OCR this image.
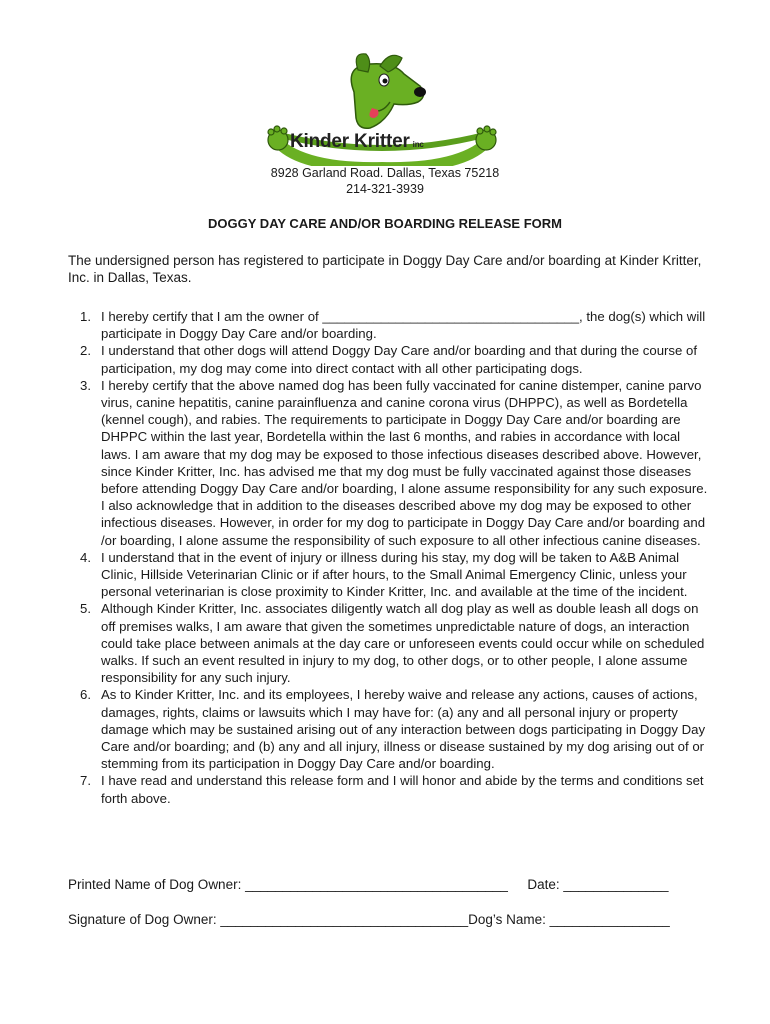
Kinder Kritter inc
8928 Garland Road. Dallas, Texas 75218
214-321-3939
DOGGY DAY CARE AND/OR BOARDING RELEASE FORM
The undersigned person has registered to participate in Doggy Day Care and/or boarding at Kinder Kritter, Inc. in Dallas, Texas.
1. I hereby certify that I am the owner of ___________________________________, the dog(s) which will participate in Doggy Day Care and/or boarding.
2. I understand that other dogs will attend Doggy Day Care and/or boarding and that during the course of participation, my dog may come into direct contact with all other participating dogs.
3. I hereby certify that the above named dog has been fully vaccinated for canine distemper, canine parvo virus, canine hepatitis, canine parainfluenza and canine corona virus (DHPPC), as well as Bordetella (kennel cough), and rabies. The requirements to participate in Doggy Day Care and/or boarding are DHPPC within the last year, Bordetella within the last 6 months, and rabies in accordance with local laws. I am aware that my dog may be exposed to those infectious diseases described above. However, since Kinder Kritter, Inc. has advised me that my dog must be fully vaccinated against those diseases before attending Doggy Day Care and/or boarding, I alone assume responsibility for any such exposure. I also acknowledge that in addition to the diseases described above my dog may be exposed to other infectious diseases. However, in order for my dog to participate in Doggy Day Care and/or boarding and /or boarding, I alone assume the responsibility of such exposure to all other infectious canine diseases.
4. I understand that in the event of injury or illness during his stay, my dog will be taken to A&B Animal Clinic, Hillside Veterinarian Clinic or if after hours, to the Small Animal Emergency Clinic, unless your personal veterinarian is close proximity to Kinder Kritter, Inc. and available at the time of the incident.
5. Although Kinder Kritter, Inc. associates diligently watch all dog play as well as double leash all dogs on off premises walks, I am aware that given the sometimes unpredictable nature of dogs, an interaction could take place between animals at the day care or unforeseen events could occur while on scheduled walks. If such an event resulted in injury to my dog, to other dogs, or to other people, I alone assume responsibility for any such injury.
6. As to Kinder Kritter, Inc. and its employees, I hereby waive and release any actions, causes of actions, damages, rights, claims or lawsuits which I may have for: (a) any and all personal injury or property damage which may be sustained arising out of any interaction between dogs participating in Doggy Day Care and/or boarding; and (b) any and all injury, illness or disease sustained by my dog arising out of or stemming from its participation in Doggy Day Care and/or boarding.
7. I have read and understand this release form and I will honor and abide by the terms and conditions set forth above.
Printed Name of Dog Owner: ___________________________________ Date: ______________
Signature of Dog Owner: _________________________________Dog’s Name: ________________
